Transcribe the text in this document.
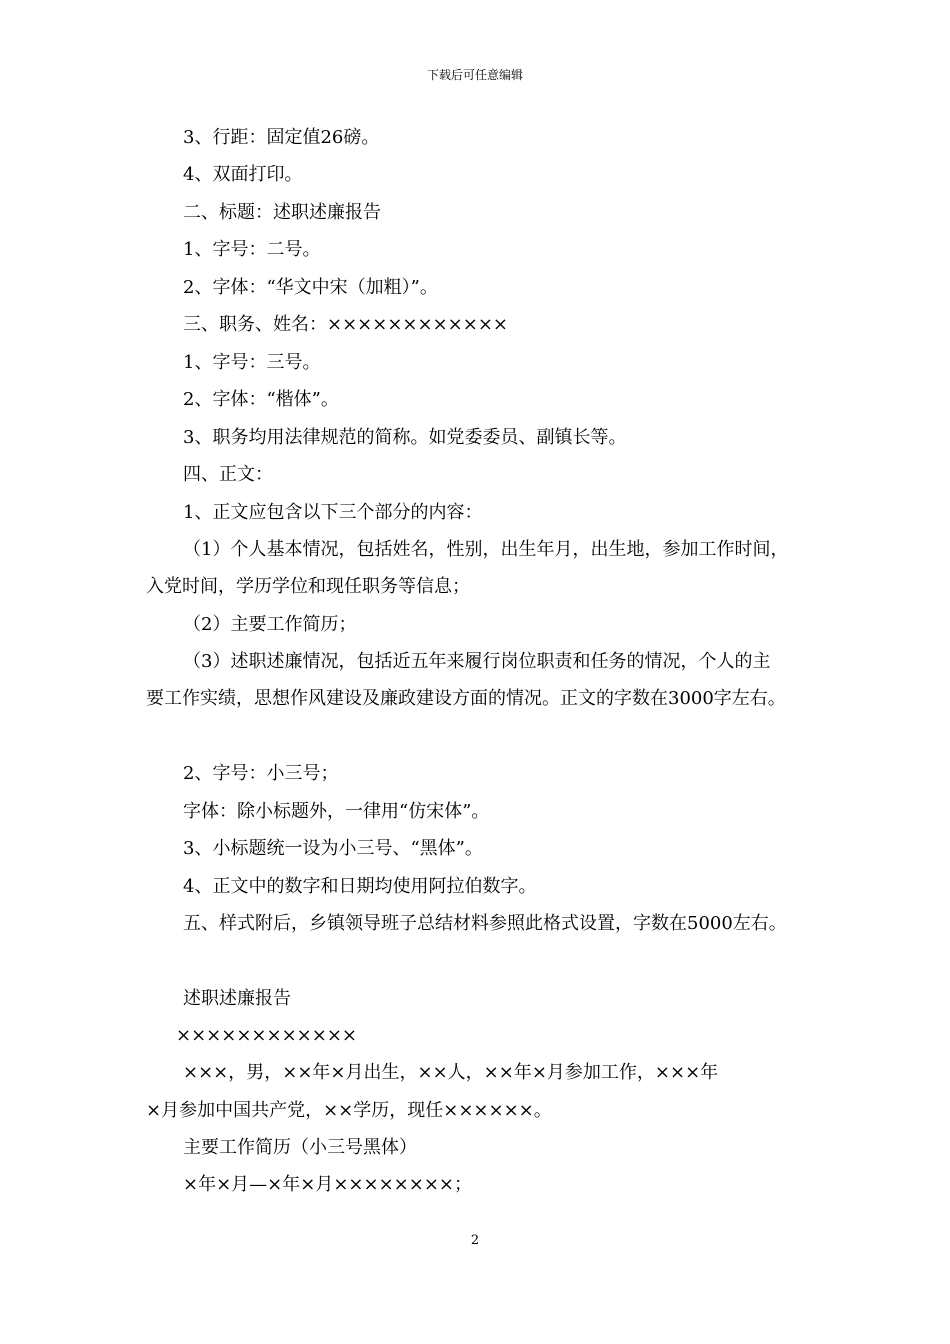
下载后可任意编辑
3、行距：固定值26磅。
4、双面打印。
二、标题：述职述廉报告
1、字号：二号。
2、字体：“华文中宋（加粗）”。
三、职务、姓名：××××××××××××
1、字号：三号。
2、字体：“楷体”。
3、职务均用法律规范的简称。如党委委员、副镇长等。
四、正文：
1、正文应包含以下三个部分的内容：
（1）个人基本情况，包括姓名，性别，出生年月，出生地，参加工作时间，
入党时间，学历学位和现任职务等信息；
（2）主要工作简历；
（3）述职述廉情况，包括近五年来履行岗位职责和任务的情况，个人的主
要工作实绩，思想作风建设及廉政建设方面的情况。正文的字数在3000字左右。
2、字号：小三号；
字体：除小标题外，一律用“仿宋体”。
3、小标题统一设为小三号、“黑体”。
4、正文中的数字和日期均使用阿拉伯数字。
五、样式附后，乡镇领导班子总结材料参照此格式设置，字数在5000左右。
述职述廉报告
××××××××××××
×××，男，××年×月出生，××人，××年×月参加工作，×××年
×月参加中国共产党，××学历，现任××××××。
主要工作简历（小三号黑体）
×年×月—×年×月××××××××；
2
